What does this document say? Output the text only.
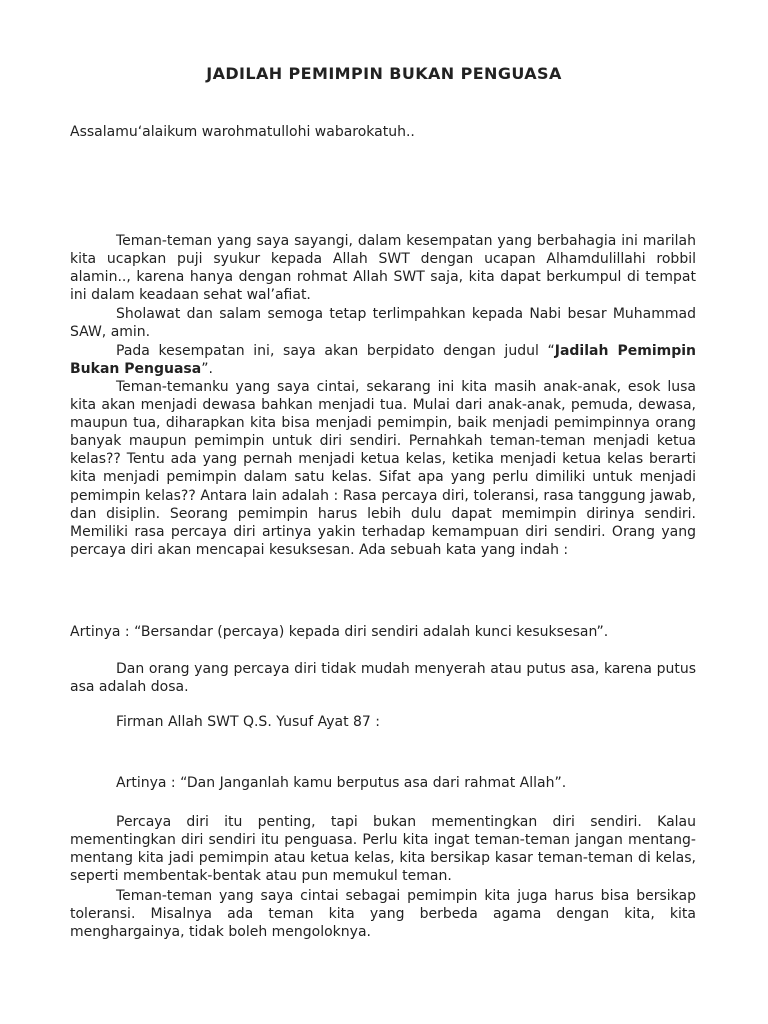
JADILAH PEMIMPIN BUKAN PENGUASA
Assalamu‘alaikum warohmatullohi wabarokatuh..
Teman-teman yang saya sayangi, dalam kesempatan yang berbahagia ini marilah kita ucapkan puji syukur kepada Allah SWT dengan ucapan Alhamdulillahi robbil alamin.., karena hanya dengan rohmat Allah SWT saja, kita dapat berkumpul di tempat ini dalam keadaan sehat wal’afiat.
Sholawat dan salam semoga tetap terlimpahkan kepada Nabi besar Muhammad SAW, amin.
Pada kesempatan ini, saya akan berpidato dengan judul “Jadilah Pemimpin Bukan Penguasa”.
Teman-temanku yang saya cintai, sekarang ini kita masih anak-anak, esok lusa kita akan menjadi dewasa bahkan menjadi tua. Mulai dari anak-anak, pemuda, dewasa, maupun tua, diharapkan kita bisa menjadi pemimpin, baik menjadi pemimpinnya orang banyak maupun pemimpin untuk diri sendiri. Pernahkah teman-teman menjadi ketua kelas?? Tentu ada yang pernah menjadi ketua kelas, ketika menjadi ketua kelas berarti kita menjadi pemimpin dalam satu kelas. Sifat apa yang perlu dimiliki untuk menjadi pemimpin kelas?? Antara lain adalah : Rasa percaya diri, toleransi, rasa tanggung jawab, dan disiplin. Seorang pemimpin harus lebih dulu dapat memimpin dirinya sendiri. Memiliki rasa percaya diri artinya yakin terhadap kemampuan diri sendiri. Orang yang percaya diri akan mencapai kesuksesan. Ada sebuah kata yang indah :
Artinya : “Bersandar (percaya) kepada diri sendiri adalah kunci kesuksesan”.
Dan orang yang percaya diri tidak mudah menyerah atau putus asa, karena putus asa adalah dosa.
Firman Allah SWT Q.S. Yusuf Ayat 87 :
Artinya : “Dan Janganlah kamu berputus asa dari rahmat Allah”.
Percaya diri itu penting, tapi bukan mementingkan diri sendiri. Kalau mementingkan diri sendiri itu penguasa. Perlu kita ingat teman-teman jangan mentang-mentang kita jadi pemimpin atau ketua kelas, kita bersikap kasar teman-teman di kelas, seperti membentak-bentak atau pun memukul teman.
Teman-teman yang saya cintai sebagai pemimpin kita juga harus bisa bersikap toleransi. Misalnya ada teman kita yang berbeda agama dengan kita, kita menghargainya, tidak boleh mengoloknya.
